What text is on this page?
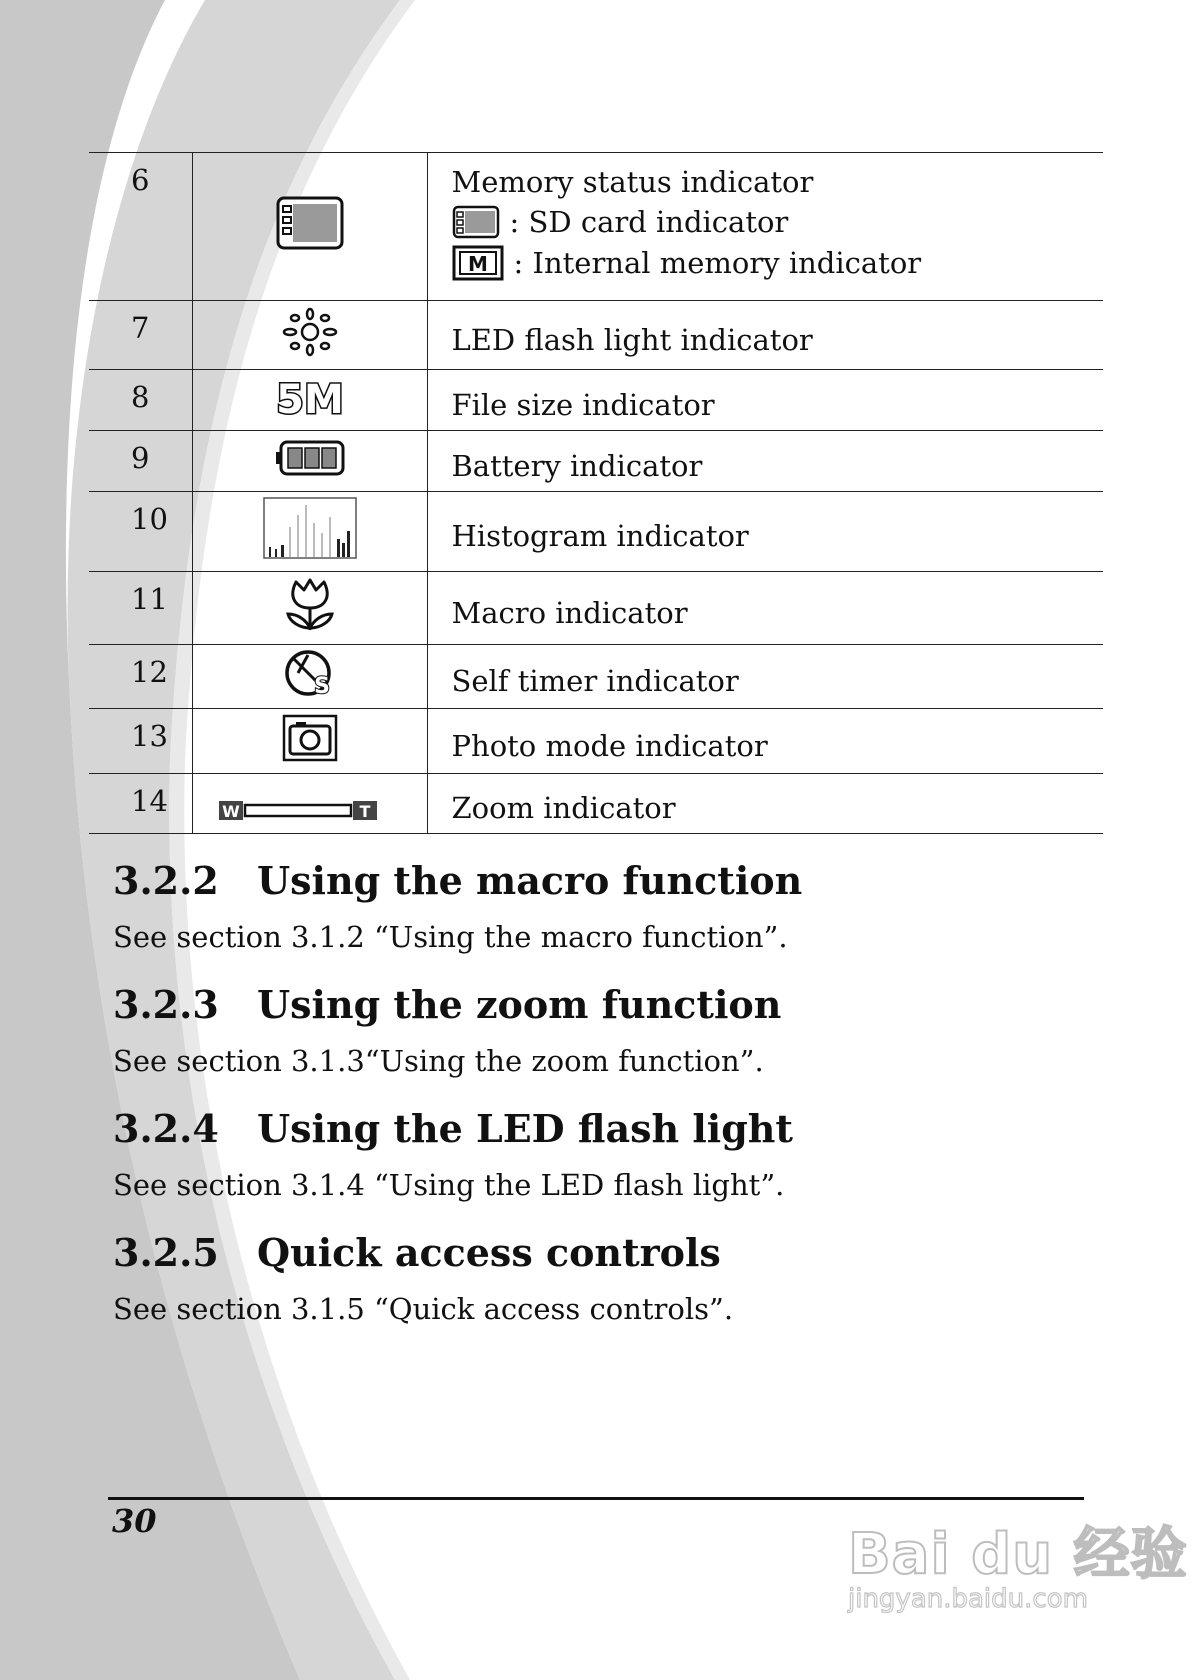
6		Memory status indicator
: SD card indicator
M : Internal memory indicator

7		LED flash light indicator
8	5M	File size indicator
9		Battery indicator
10		Histogram indicator
11		Macro indicator
12	S	Self timer indicator
13		Photo mode indicator
14	W T	Zoom indicator
3.2.2 Using the macro function

See section 3.1.2 “Using the macro function”.

3.2.3 Using the zoom function

See section 3.1.3“Using the zoom function”.

3.2.4 Using the LED flash light

See section 3.1.4 “Using the LED flash light”.

3.2.5 Quick access controls

See section 3.1.5 “Quick access controls”.

30
Bai du 经验
jingyan.baidu.com
